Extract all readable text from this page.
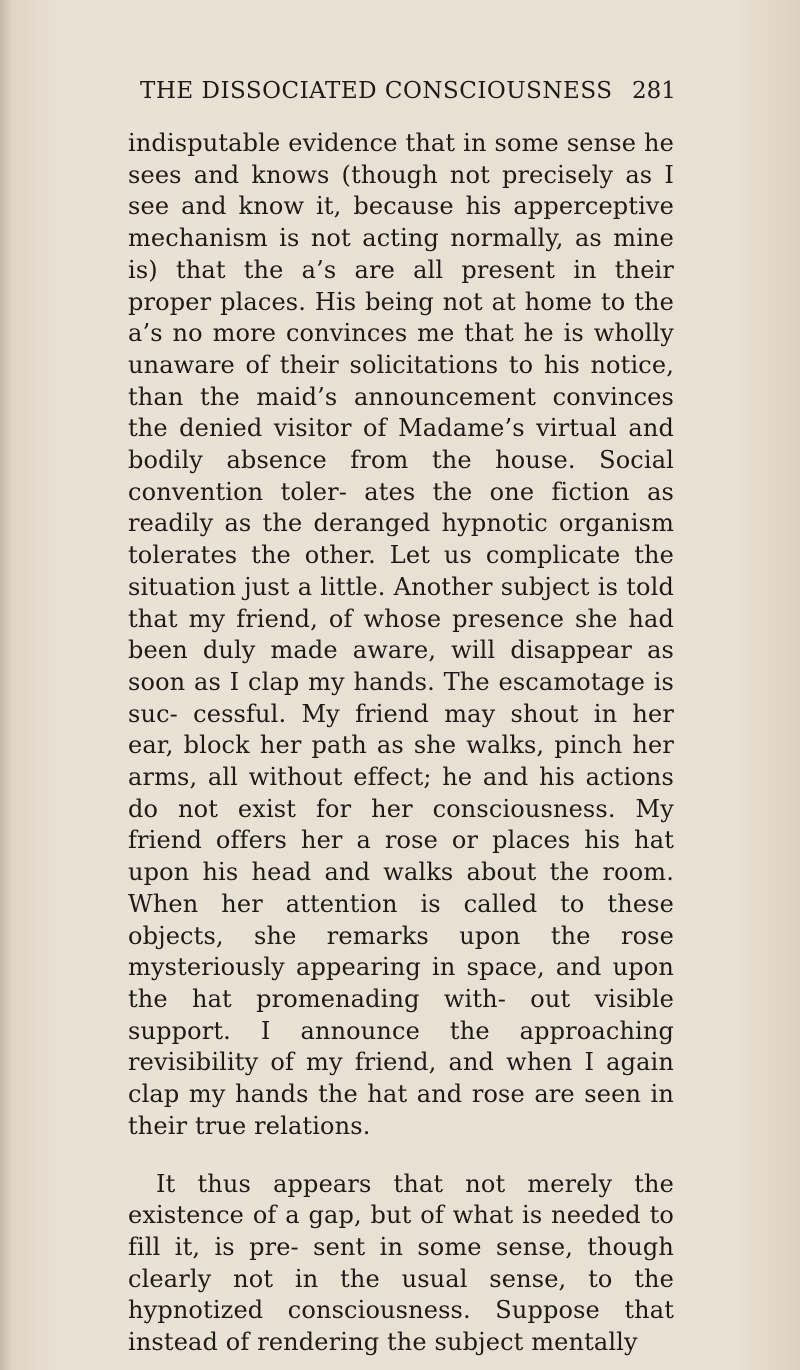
THE DISSOCIATED CONSCIOUSNESS 281

indisputable evidence that in some sense he sees and knows (though not precisely as I see and know it, because his apperceptive mechanism is not acting normally, as mine is) that the a’s are all present in their proper places. His being not at home to the a’s no more convinces me that he is wholly unaware of their solicitations to his notice, than the maid’s announcement convinces the denied visitor of Madame’s virtual and bodily absence from the house. Social convention toler- ates the one fiction as readily as the deranged hypnotic organism tolerates the other. Let us complicate the situation just a little. Another subject is told that my friend, of whose presence she had been duly made aware, will disappear as soon as I clap my hands. The escamotage is suc- cessful. My friend may shout in her ear, block her path as she walks, pinch her arms, all without effect; he and his actions do not exist for her consciousness. My friend offers her a rose or places his hat upon his head and walks about the room. When her attention is called to these objects, she remarks upon the rose mysteriously appearing in space, and upon the hat promenading with- out visible support. I announce the approaching revisibility of my friend, and when I again clap my hands the hat and rose are seen in their true relations.

It thus appears that not merely the existence of a gap, but of what is needed to fill it, is pre- sent in some sense, though clearly not in the usual sense, to the hypnotized consciousness. Suppose that instead of rendering the subject mentally
